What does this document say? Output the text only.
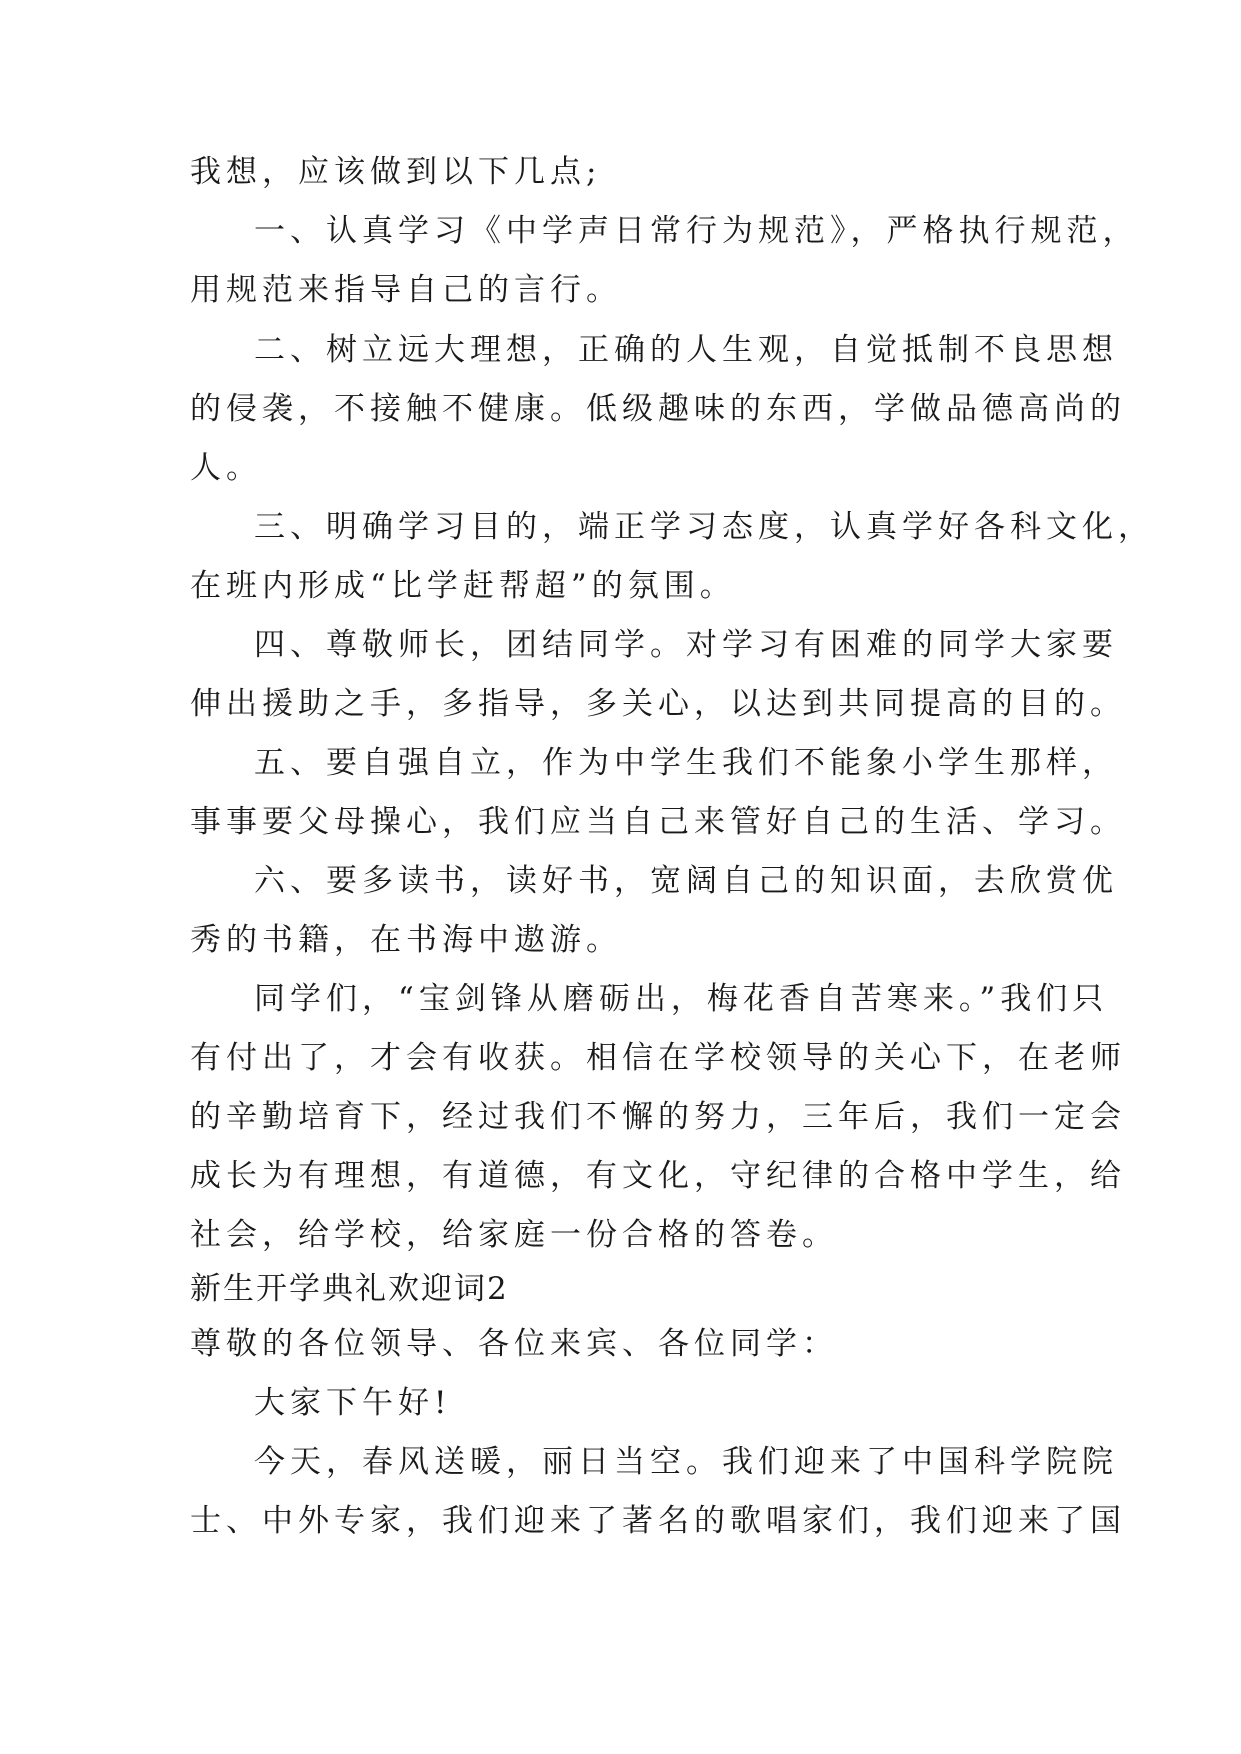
我想，应该做到以下几点;
一、认真学习《中学声日常行为规范》，严格执行规范，
用规范来指导自己的言行。
二、树立远大理想，正确的人生观，自觉抵制不良思想
的侵袭，不接触不健康。低级趣味的东西，学做品德高尚的
人。
三、明确学习目的，端正学习态度，认真学好各科文化，
在班内形成“比学赶帮超”的氛围。
四、尊敬师长，团结同学。对学习有困难的同学大家要
伸出援助之手，多指导，多关心，以达到共同提高的目的。
五、要自强自立，作为中学生我们不能象小学生那样，
事事要父母操心，我们应当自己来管好自己的生活、学习。
六、要多读书，读好书，宽阔自己的知识面，去欣赏优
秀的书籍，在书海中遨游。
同学们，“宝剑锋从磨砺出，梅花香自苦寒来。”我们只
有付出了，才会有收获。相信在学校领导的关心下，在老师
的辛勤培育下，经过我们不懈的努力，三年后，我们一定会
成长为有理想，有道德，有文化，守纪律的合格中学生，给
社会，给学校，给家庭一份合格的答卷。
新生开学典礼欢迎词2
尊敬的各位领导、各位来宾、各位同学：
大家下午好!
今天，春风送暖，丽日当空。我们迎来了中国科学院院
士、中外专家，我们迎来了著名的歌唱家们，我们迎来了国
